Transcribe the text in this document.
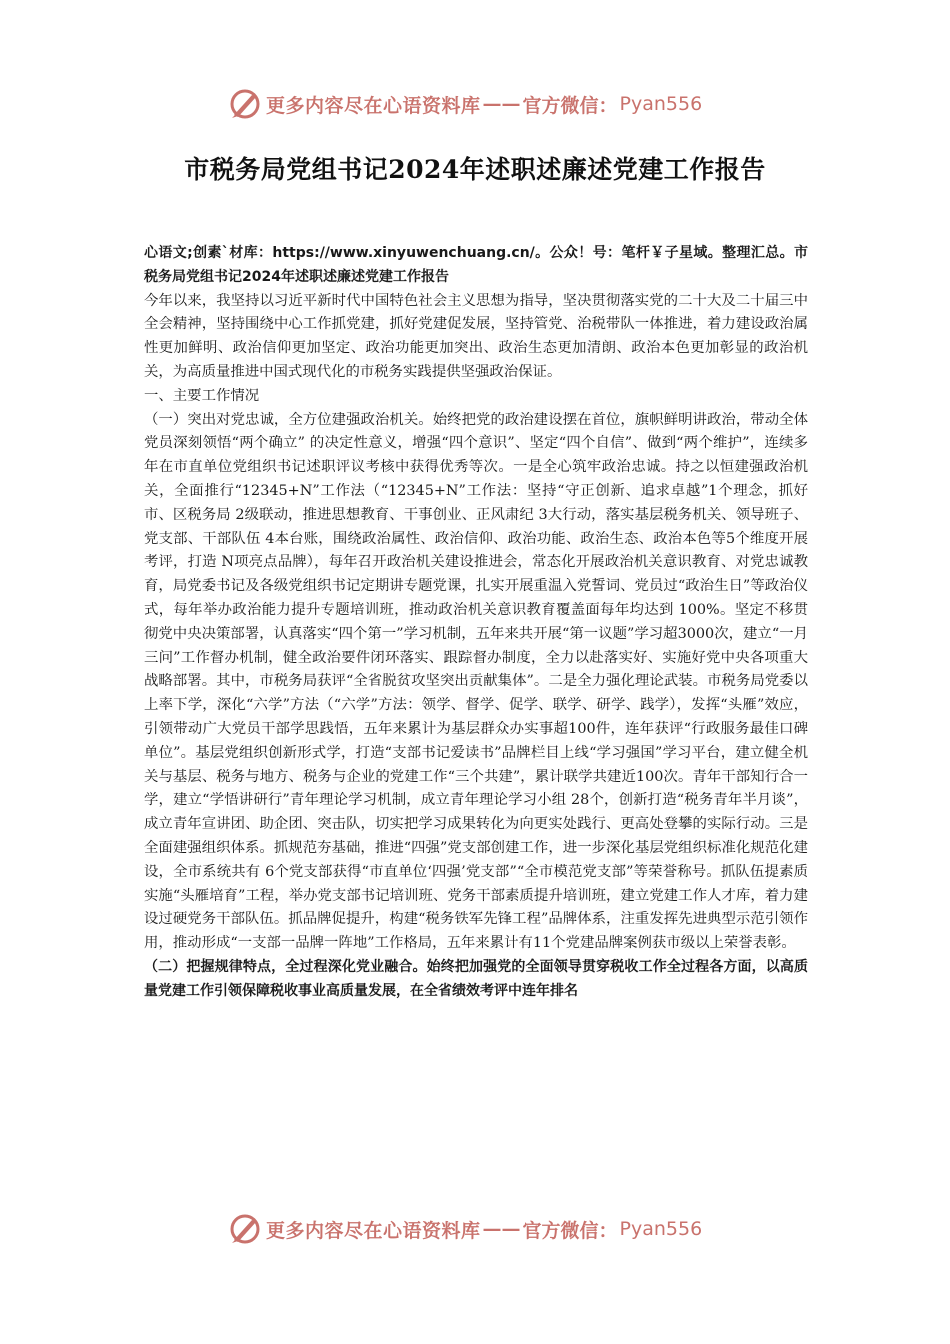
更多内容尽在心语资料库 —— 官方微信： Pyan556
市税务局党组书记2024年述职述廉述党建工作报告

心语文;创素`材库：https://www.xinyuwenchuang.cn/。公众！号：笔杆￥子星域。整理汇总。市税务局党组书记2024年述职述廉述党建工作报告

今年以来，我坚持以习近平新时代中国特色社会主义思想为指导，坚决贯彻落实党的二十大及二十届三中全会精神，坚持围绕中心工作抓党建，抓好党建促发展，坚持管党、治税带队一体推进，着力建设政治属性更加鲜明、政治信仰更加坚定、政治功能更加突出、政治生态更加清朗、政治本色更加彰显的政治机关，为高质量推进中国式现代化的市税务实践提供坚强政治保证。

一、主要工作情况

（一）突出对党忠诚，全方位建强政治机关。始终把党的政治建设摆在首位，旗帜鲜明讲政治，带动全体党员深刻领悟“两个确立” 的决定性意义，增强“四个意识”、坚定“四个自信”、做到“两个维护”，连续多年在市直单位党组织书记述职评议考核中获得优秀等次。一是全心筑牢政治忠诚。持之以恒建强政治机关，全面推行“12345+N”工作法（“12345+N”工作法：坚持“守正创新、追求卓越”1个理念，抓好市、区税务局 2级联动，推进思想教育、干事创业、正风肃纪 3大行动，落实基层税务机关、领导班子、党支部、干部队伍 4本台账，围绕政治属性、政治信仰、政治功能、政治生态、政治本色等5个维度开展考评，打造 N项亮点品牌），每年召开政治机关建设推进会，常态化开展政治机关意识教育、对党忠诚教育，局党委书记及各级党组织书记定期讲专题党课，扎实开展重温入党誓词、党员过“政治生日”等政治仪式，每年举办政治能力提升专题培训班，推动政治机关意识教育覆盖面每年均达到 100%。坚定不移贯彻党中央决策部署，认真落实“四个第一”学习机制，五年来共开展“第一议题”学习超3000次，建立“一月三问”工作督办机制，健全政治要件闭环落实、跟踪督办制度，全力以赴落实好、实施好党中央各项重大战略部署。其中，市税务局获评“全省脱贫攻坚突出贡献集体”。二是全力强化理论武装。市税务局党委以上率下学，深化“六学”方法（“六学”方法：领学、督学、促学、联学、研学、践学），发挥“头雁”效应，引领带动广大党员干部学思践悟，五年来累计为基层群众办实事超100件，连年获评“行政服务最佳口碑单位”。基层党组织创新形式学，打造“支部书记爱读书”品牌栏目上线“学习强国”学习平台，建立健全机关与基层、税务与地方、税务与企业的党建工作“三个共建”，累计联学共建近100次。青年干部知行合一学，建立“学悟讲研行”青年理论学习机制，成立青年理论学习小组 28个，创新打造“税务青年半月谈”，成立青年宣讲团、助企团、突击队，切实把学习成果转化为向更实处践行、更高处登攀的实际行动。三是全面建强组织体系。抓规范夯基础，推进“四强”党支部创建工作，进一步深化基层党组织标准化规范化建设，全市系统共有 6个党支部获得“市直单位‘四强’党支部”“全市模范党支部”等荣誉称号。抓队伍提素质实施“头雁培育”工程，举办党支部书记培训班、党务干部素质提升培训班，建立党建工作人才库，着力建设过硬党务干部队伍。抓品牌促提升，构建“税务铁军先锋工程”品牌体系，注重发挥先进典型示范引领作用，推动形成“一支部一品牌一阵地”工作格局，五年来累计有11个党建品牌案例获市级以上荣誉表彰。

（二）把握规律特点，全过程深化党业融合。始终把加强党的全面领导贯穿税收工作全过程各方面，以高质量党建工作引领保障税收事业高质量发展，在全省绩效考评中连年排名

更多内容尽在心语资料库 —— 官方微信： Pyan556
